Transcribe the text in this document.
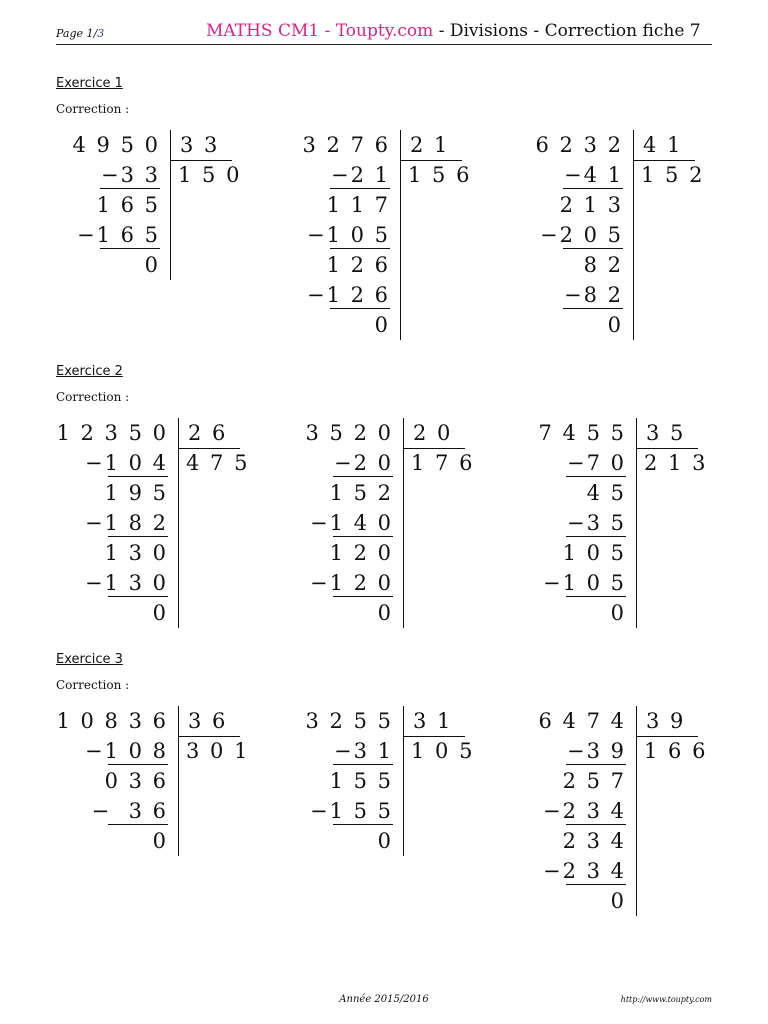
Page 1/3	MATHS CM1 - Toupty.com - Divisions - Correction fiche 7
Exercice 1
Correction :
4 9 5 0 3 3
1 5 0
−3 3
1 6 5
−1 6 5
0
3 2 7 6 2 1
1 5 6
−2 1
1 1 7
−1 0 5
1 2 6
−1 2 6
0
6 2 3 2 4 1
1 5 2
−4 1
2 1 3
−2 0 5
8 2
−8 2
0
Exercice 2
Correction :
1 2 3 5 0 2 6
4 7 5
−1 0 4
1 9 5
−1 8 2
1 3 0
−1 3 0
0
3 5 2 0 2 0
1 7 6
−2 0
1 5 2
−1 4 0
1 2 0
−1 2 0
0
7 4 5 5 3 5
2 1 3
−7 0
4 5
−3 5
1 0 5
−1 0 5
0
Exercice 3
Correction :
1 0 8 3 6 3 6
3 0 1
−1 0 8
0 3 6
−  3 6
0
3 2 5 5 3 1
1 0 5
−3 1
1 5 5
−1 5 5
0
6 4 7 4 3 9
1 6 6
−3 9
2 5 7
−2 3 4
2 3 4
−2 3 4
0
Année 2015/2016	http://www.toupty.com
